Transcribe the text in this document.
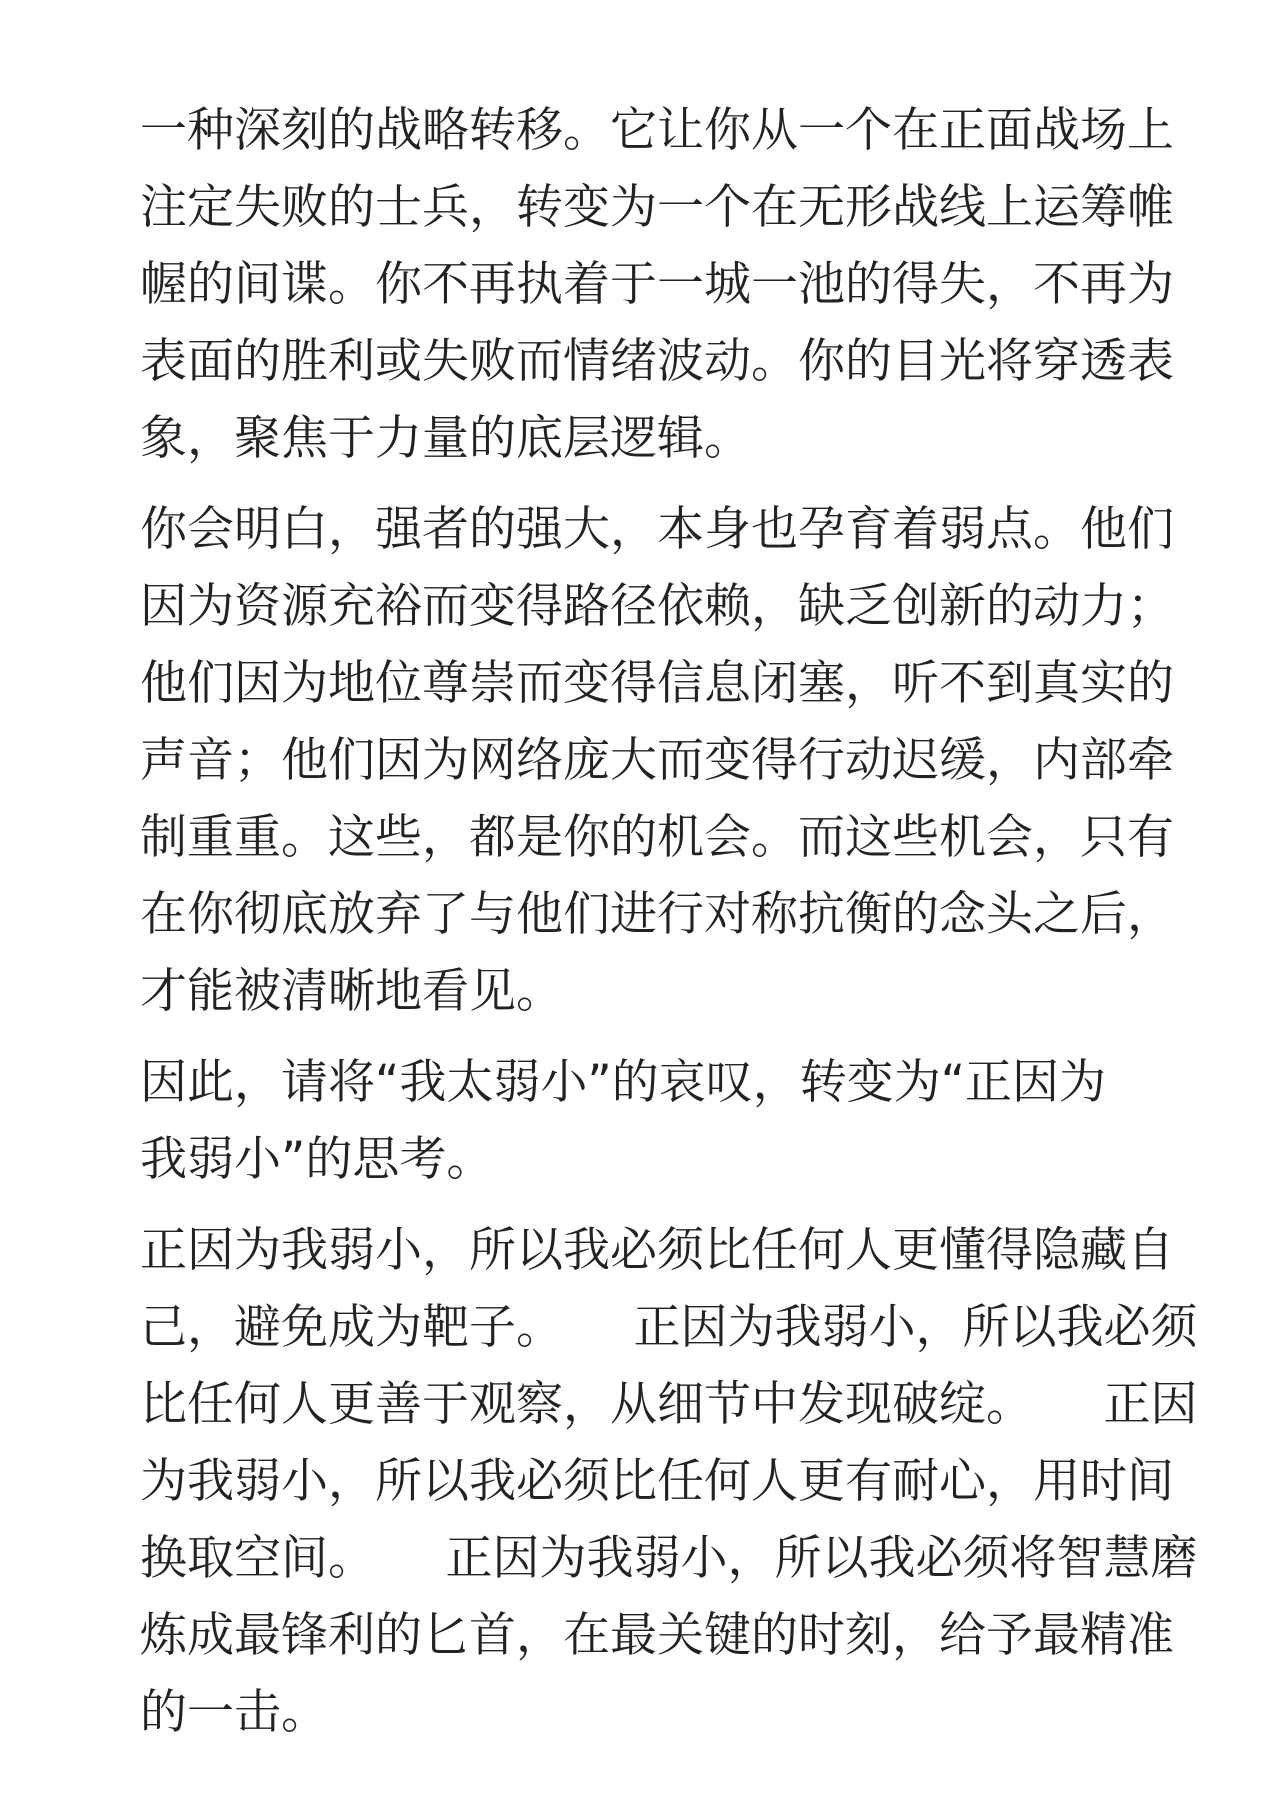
一种深刻的战略转移。它让你从一个在正面战场上
注定失败的士兵，转变为一个在无形战线上运筹帷
幄的间谍。你不再执着于一城一池的得失，不再为
表面的胜利或失败而情绪波动。你的目光将穿透表
象，聚焦于力量的底层逻辑。
你会明白，强者的强大，本身也孕育着弱点。他们
因为资源充裕而变得路径依赖，缺乏创新的动力；
他们因为地位尊崇而变得信息闭塞，听不到真实的
声音；他们因为网络庞大而变得行动迟缓，内部牵
制重重。这些，都是你的机会。而这些机会，只有
在你彻底放弃了与他们进行对称抗衡的念头之后，
才能被清晰地看见。
因此，请将“我太弱小”的哀叹，转变为“正因为
我弱小”的思考。
正因为我弱小，所以我必须比任何人更懂得隐藏自
己，避免成为靶子。　　正因为我弱小，所以我必须
比任何人更善于观察，从细节中发现破绽。　　正因
为我弱小，所以我必须比任何人更有耐心，用时间
换取空间。　　正因为我弱小，所以我必须将智慧磨
炼成最锋利的匕首，在最关键的时刻，给予最精准
的一击。
